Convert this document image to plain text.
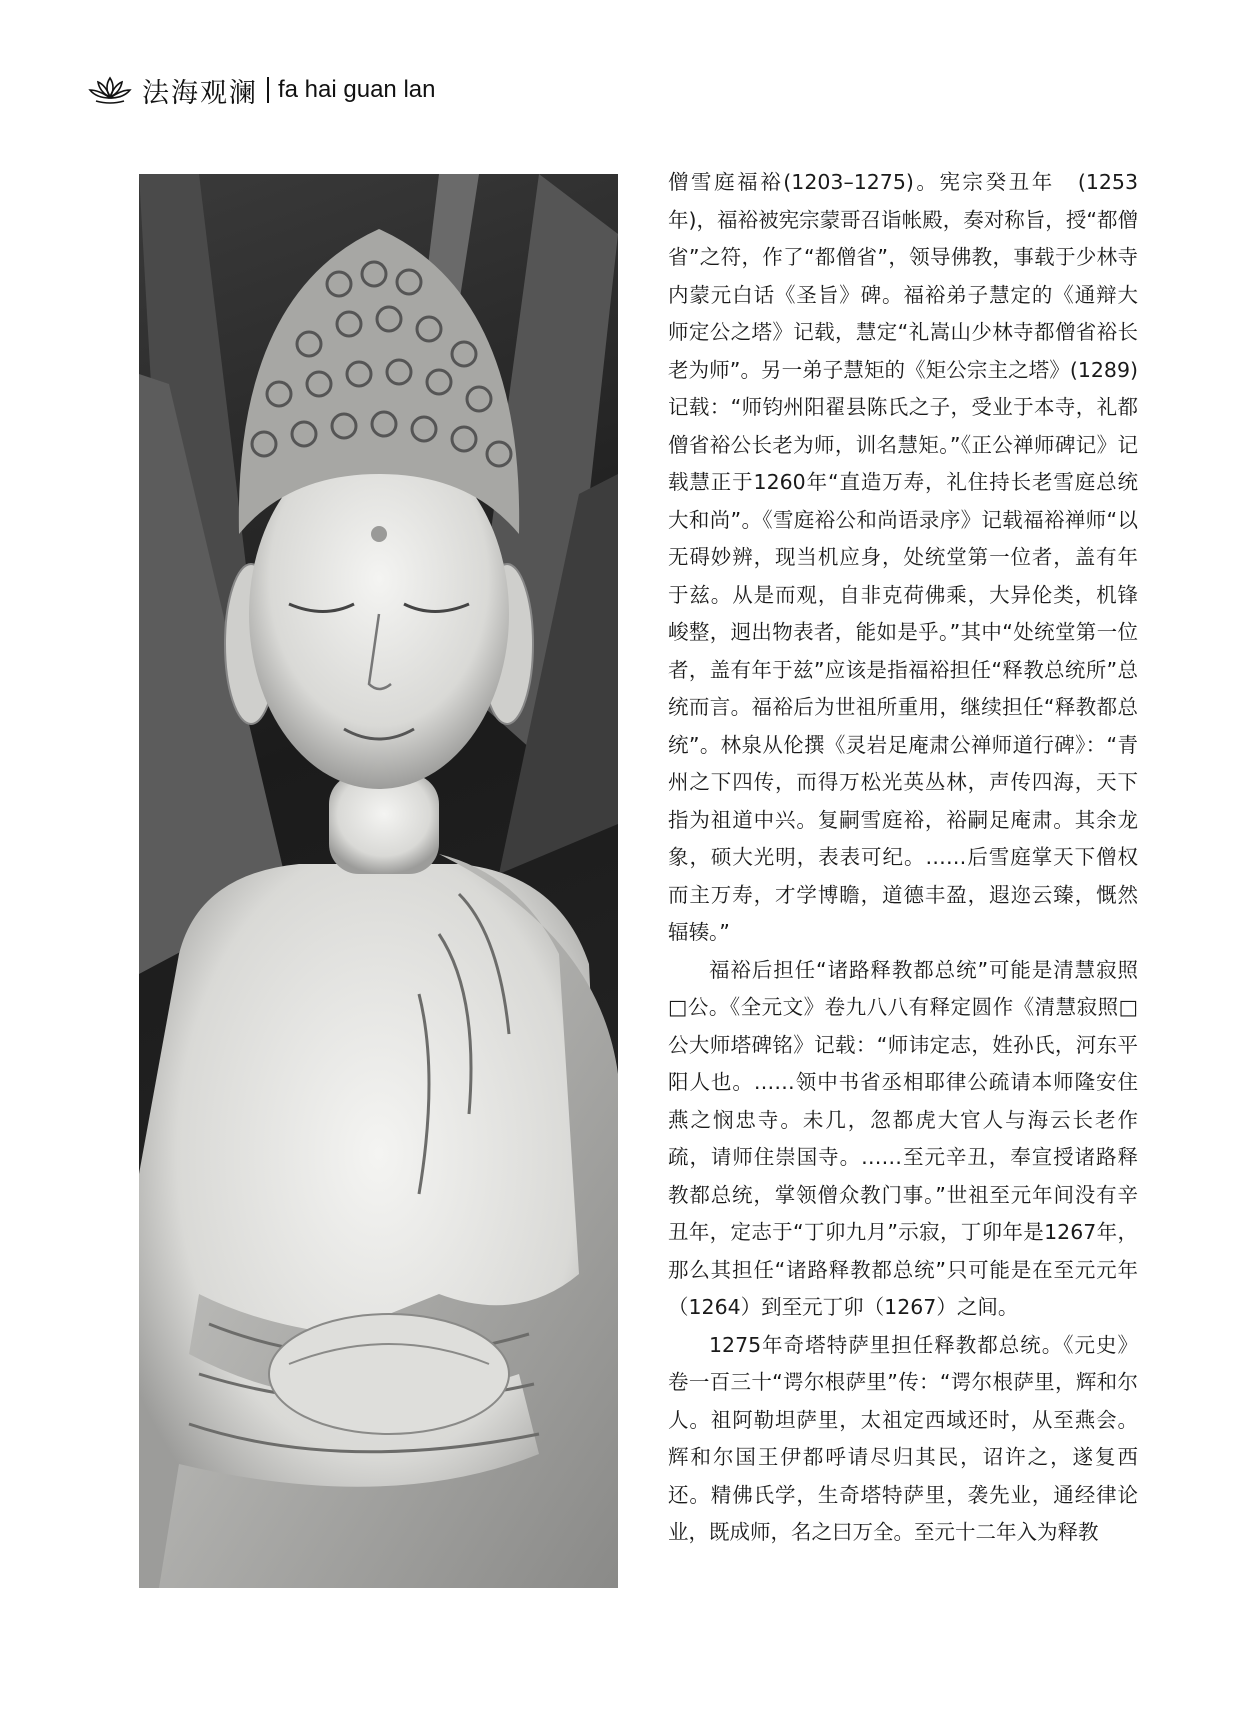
法海观澜 fa hai guan lan

僧雪庭福裕(1203–1275)。宪宗癸丑年　(1253年)，福裕被宪宗蒙哥召诣帐殿，奏对称旨，授“都僧省”之符，作了“都僧省”，领导佛教，事载于少林寺内蒙元白话《圣旨》碑。福裕弟子慧定的《通辩大师定公之塔》记载，慧定“礼嵩山少林寺都僧省裕长老为师”。另一弟子慧矩的《矩公宗主之塔》(1289)记载：“师钧州阳翟县陈氏之子，受业于本寺，礼都僧省裕公长老为师，训名慧矩。”《正公禅师碑记》记载慧正于1260年“直造万寿，礼住持长老雪庭总统大和尚”。《雪庭裕公和尚语录序》记载福裕禅师“以无碍妙辨，现当机应身，处统堂第一位者，盖有年于兹。从是而观，自非克荷佛乘，大异伦类，机锋峻整，迥出物表者，能如是乎。”其中“处统堂第一位者，盖有年于兹”应该是指福裕担任“释教总统所”总统而言。福裕后为世祖所重用，继续担任“释教都总统”。林泉从伦撰《灵岩足庵肃公禅师道行碑》：“青州之下四传，而得万松光英丛林，声传四海，天下指为祖道中兴。复嗣雪庭裕，裕嗣足庵肃。其余龙象，硕大光明，表表可纪。……后雪庭掌天下僧权而主万寿，才学博瞻，道德丰盈，遐迩云臻，慨然辐辏。”

福裕后担任“诸路释教都总统”可能是清慧寂照□公。《全元文》卷九八八有释定圆作《清慧寂照□公大师塔碑铭》记载：“师讳定志，姓孙氏，河东平阳人也。……领中书省丞相耶律公疏请本师隆安住燕之悯忠寺。未几，忽都虎大官人与海云长老作疏，请师住崇国寺。……至元辛丑，奉宣授诸路释教都总统，掌领僧众教门事。”世祖至元年间没有辛丑年，定志于“丁卯九月”示寂，丁卯年是1267年，那么其担任“诸路释教都总统”只可能是在至元元年（1264）到至元丁卯（1267）之间。

1275年奇塔特萨里担任释教都总统。《元史》卷一百三十“谔尔根萨里”传：“谔尔根萨里，辉和尔人。祖阿勒坦萨里，太祖定西域还时，从至燕会。辉和尔国王伊都呼请尽归其民，诏许之，遂复西还。精佛氏学，生奇塔特萨里，袭先业，通经律论业，既成师，名之曰万全。至元十二年入为释教
